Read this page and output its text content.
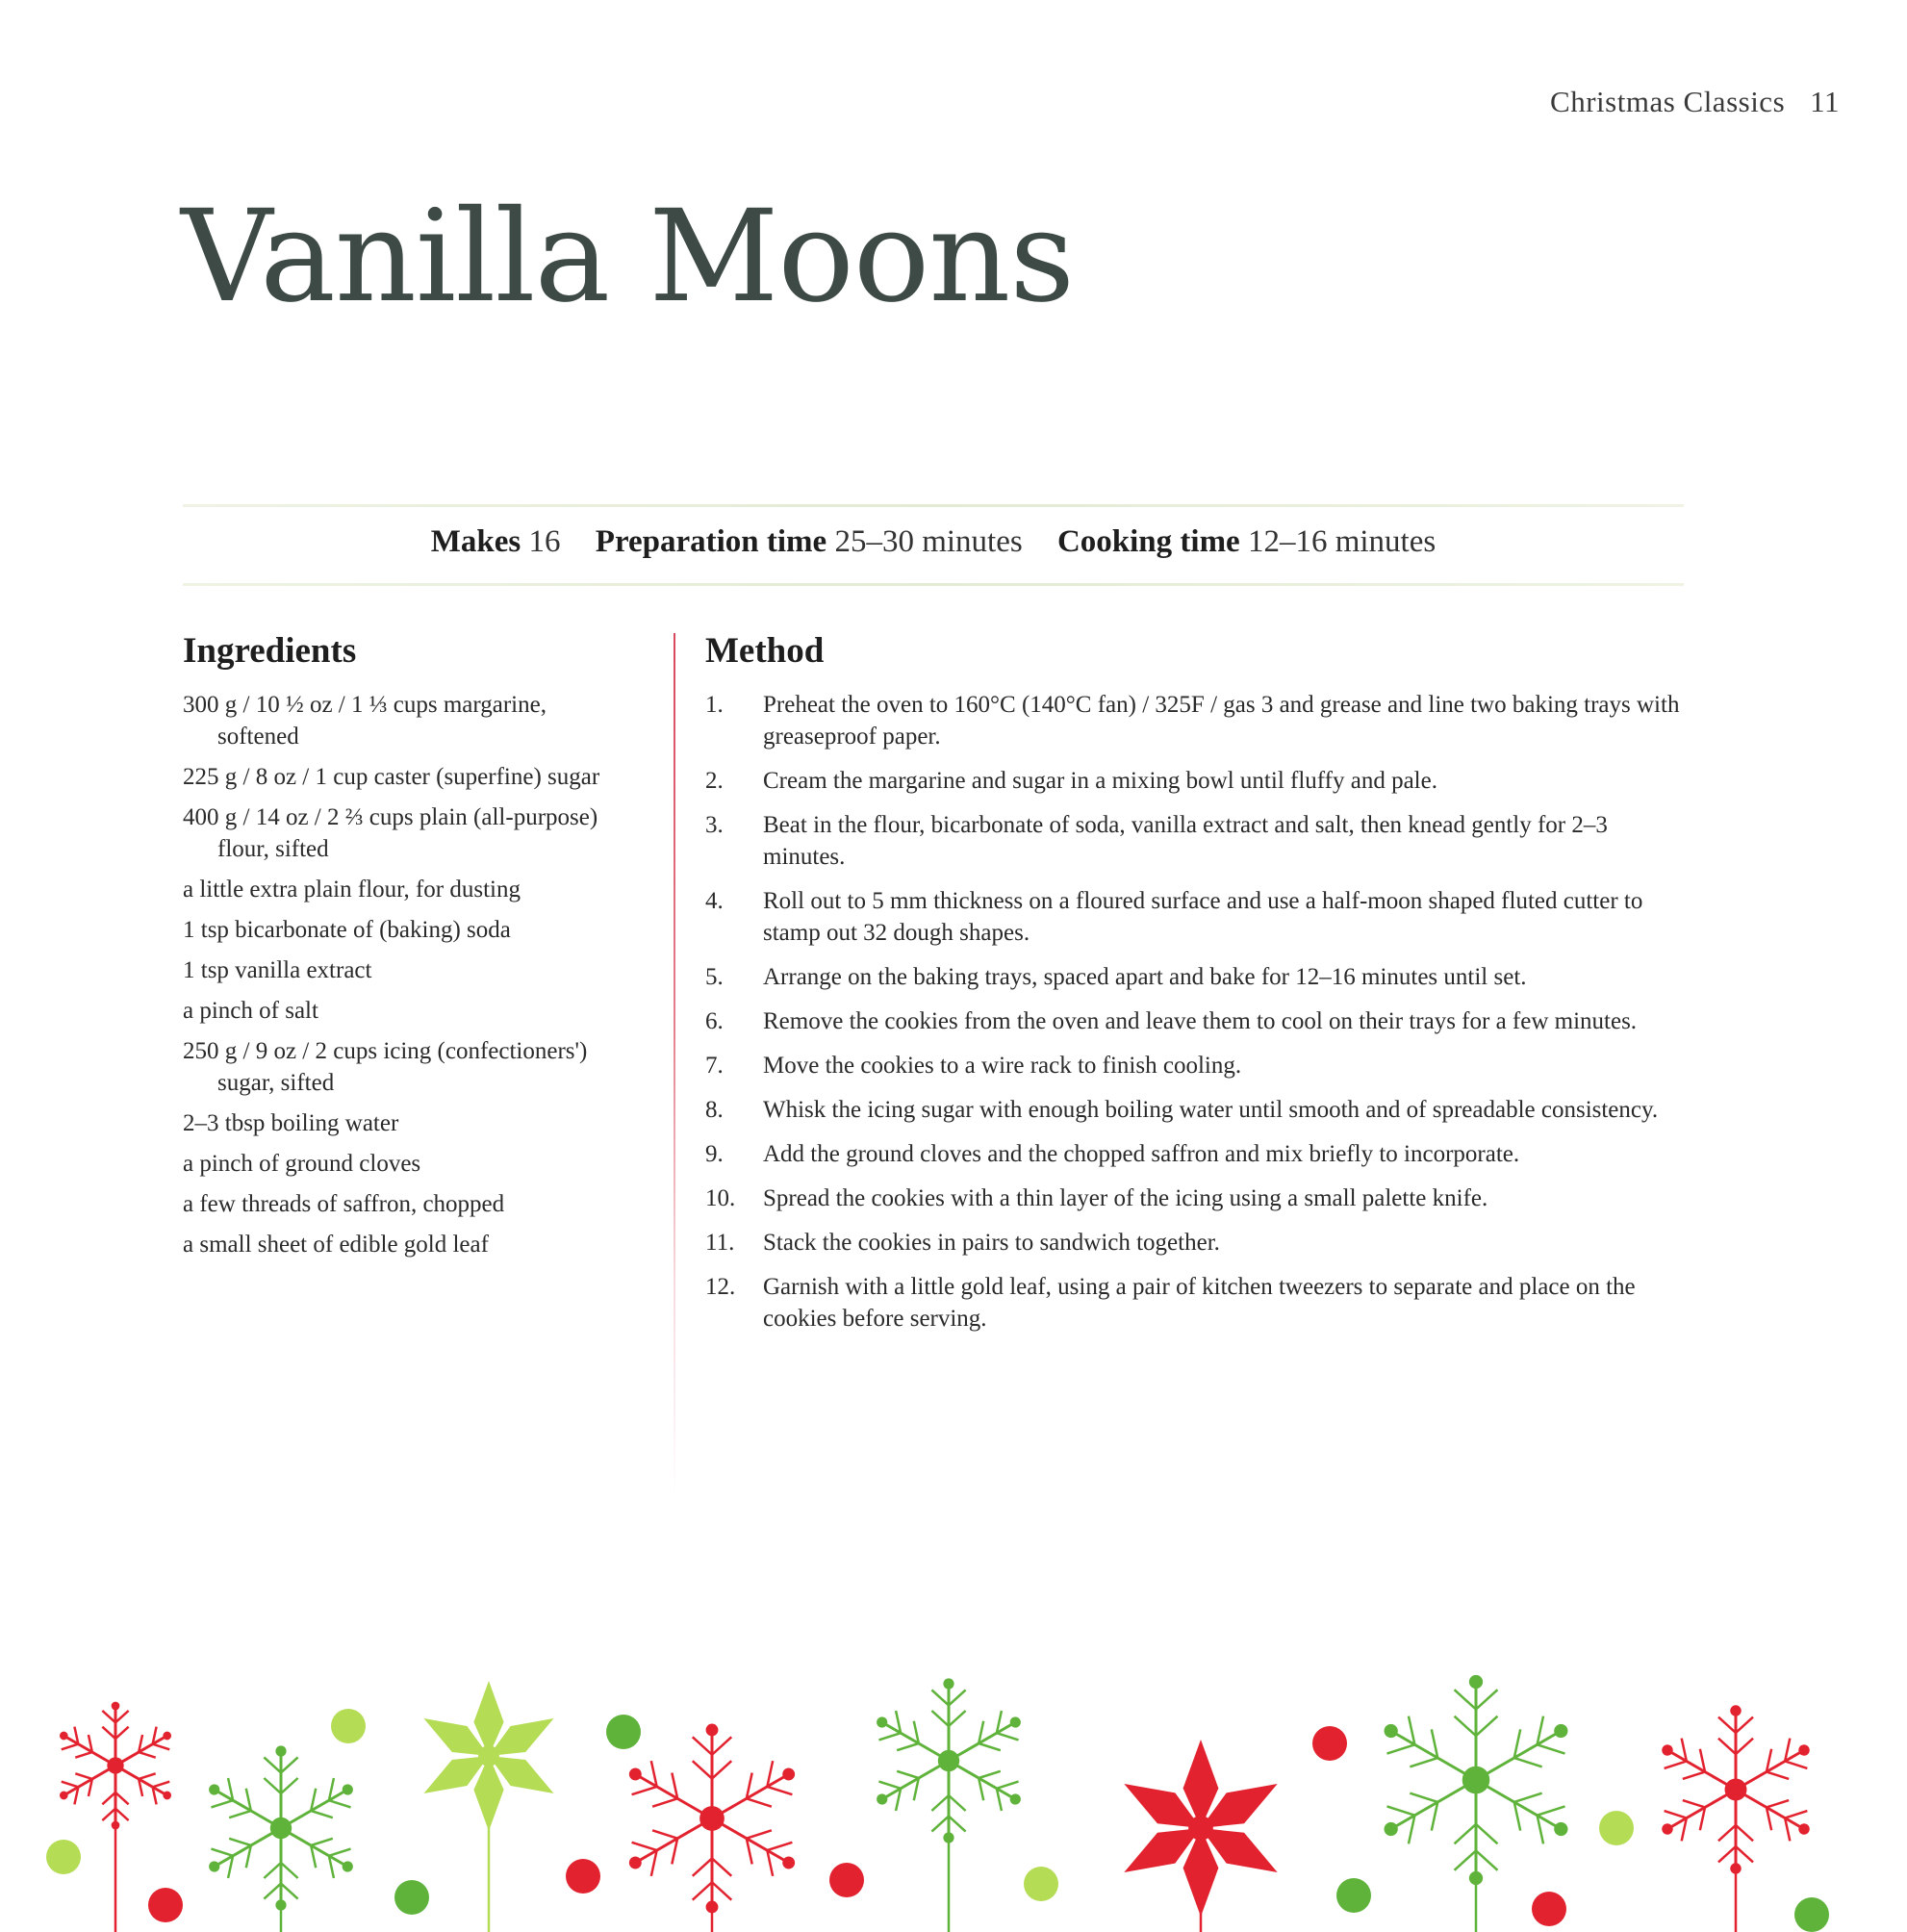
Christmas Classics 11
Vanilla Moons
Makes 16 Preparation time 25–30 minutes Cooking time 12–16 minutes
Ingredients
300 g / 10 ½ oz / 1 ⅓ cups margarine, softened
225 g / 8 oz / 1 cup caster (superfine) sugar
400 g / 14 oz / 2 ⅔ cups plain (all-purpose) flour, sifted
a little extra plain flour, for dusting
1 tsp bicarbonate of (baking) soda
1 tsp vanilla extract
a pinch of salt
250 g / 9 oz / 2 cups icing (confectioners') sugar, sifted
2–3 tbsp boiling water
a pinch of ground cloves
a few threads of saffron, chopped
a small sheet of edible gold leaf
Method
1. Preheat the oven to 160°C (140°C fan) / 325F / gas 3 and grease and line two baking trays with greaseproof paper.
2. Cream the margarine and sugar in a mixing bowl until fluffy and pale.
3. Beat in the flour, bicarbonate of soda, vanilla extract and salt, then knead gently for 2–3 minutes.
4. Roll out to 5 mm thickness on a floured surface and use a half-moon shaped fluted cutter to stamp out 32 dough shapes.
5. Arrange on the baking trays, spaced apart and bake for 12–16 minutes until set.
6. Remove the cookies from the oven and leave them to cool on their trays for a few minutes.
7. Move the cookies to a wire rack to finish cooling.
8. Whisk the icing sugar with enough boiling water until smooth and of spreadable consistency.
9. Add the ground cloves and the chopped saffron and mix briefly to incorporate.
10. Spread the cookies with a thin layer of the icing using a small palette knife.
11. Stack the cookies in pairs to sandwich together.
12. Garnish with a little gold leaf, using a pair of kitchen tweezers to separate and place on the cookies before serving.
